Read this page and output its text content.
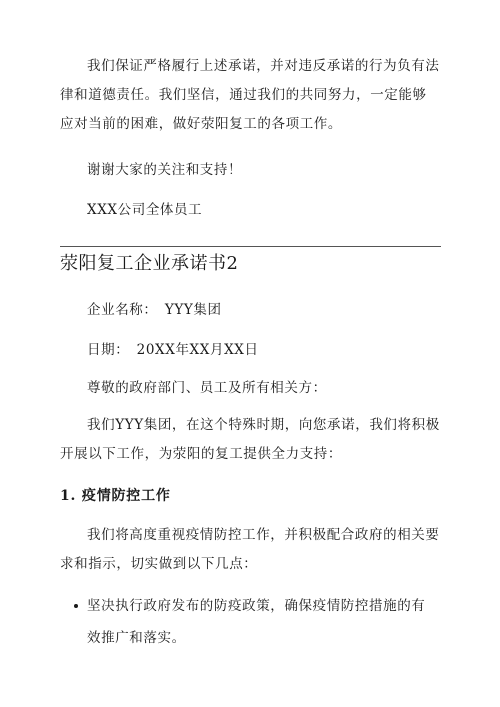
我们保证严格履行上述承诺，并对违反承诺的行为负有法律和道德责任。我们坚信，通过我们的共同努力，一定能够应对当前的困难，做好荥阳复工的各项工作。

谢谢大家的关注和支持！

XXX公司全体员工

荥阳复工企业承诺书2

企业名称：　YYY集团

日期：　20XX年XX月XX日

尊敬的政府部门、员工及所有相关方：

我们YYY集团，在这个特殊时期，向您承诺，我们将积极开展以下工作，为荥阳的复工提供全力支持：

1. 疫情防控工作

我们将高度重视疫情防控工作，并积极配合政府的相关要求和指示，切实做到以下几点：

坚决执行政府发布的防疫政策，确保疫情防控措施的有效推广和落实。
